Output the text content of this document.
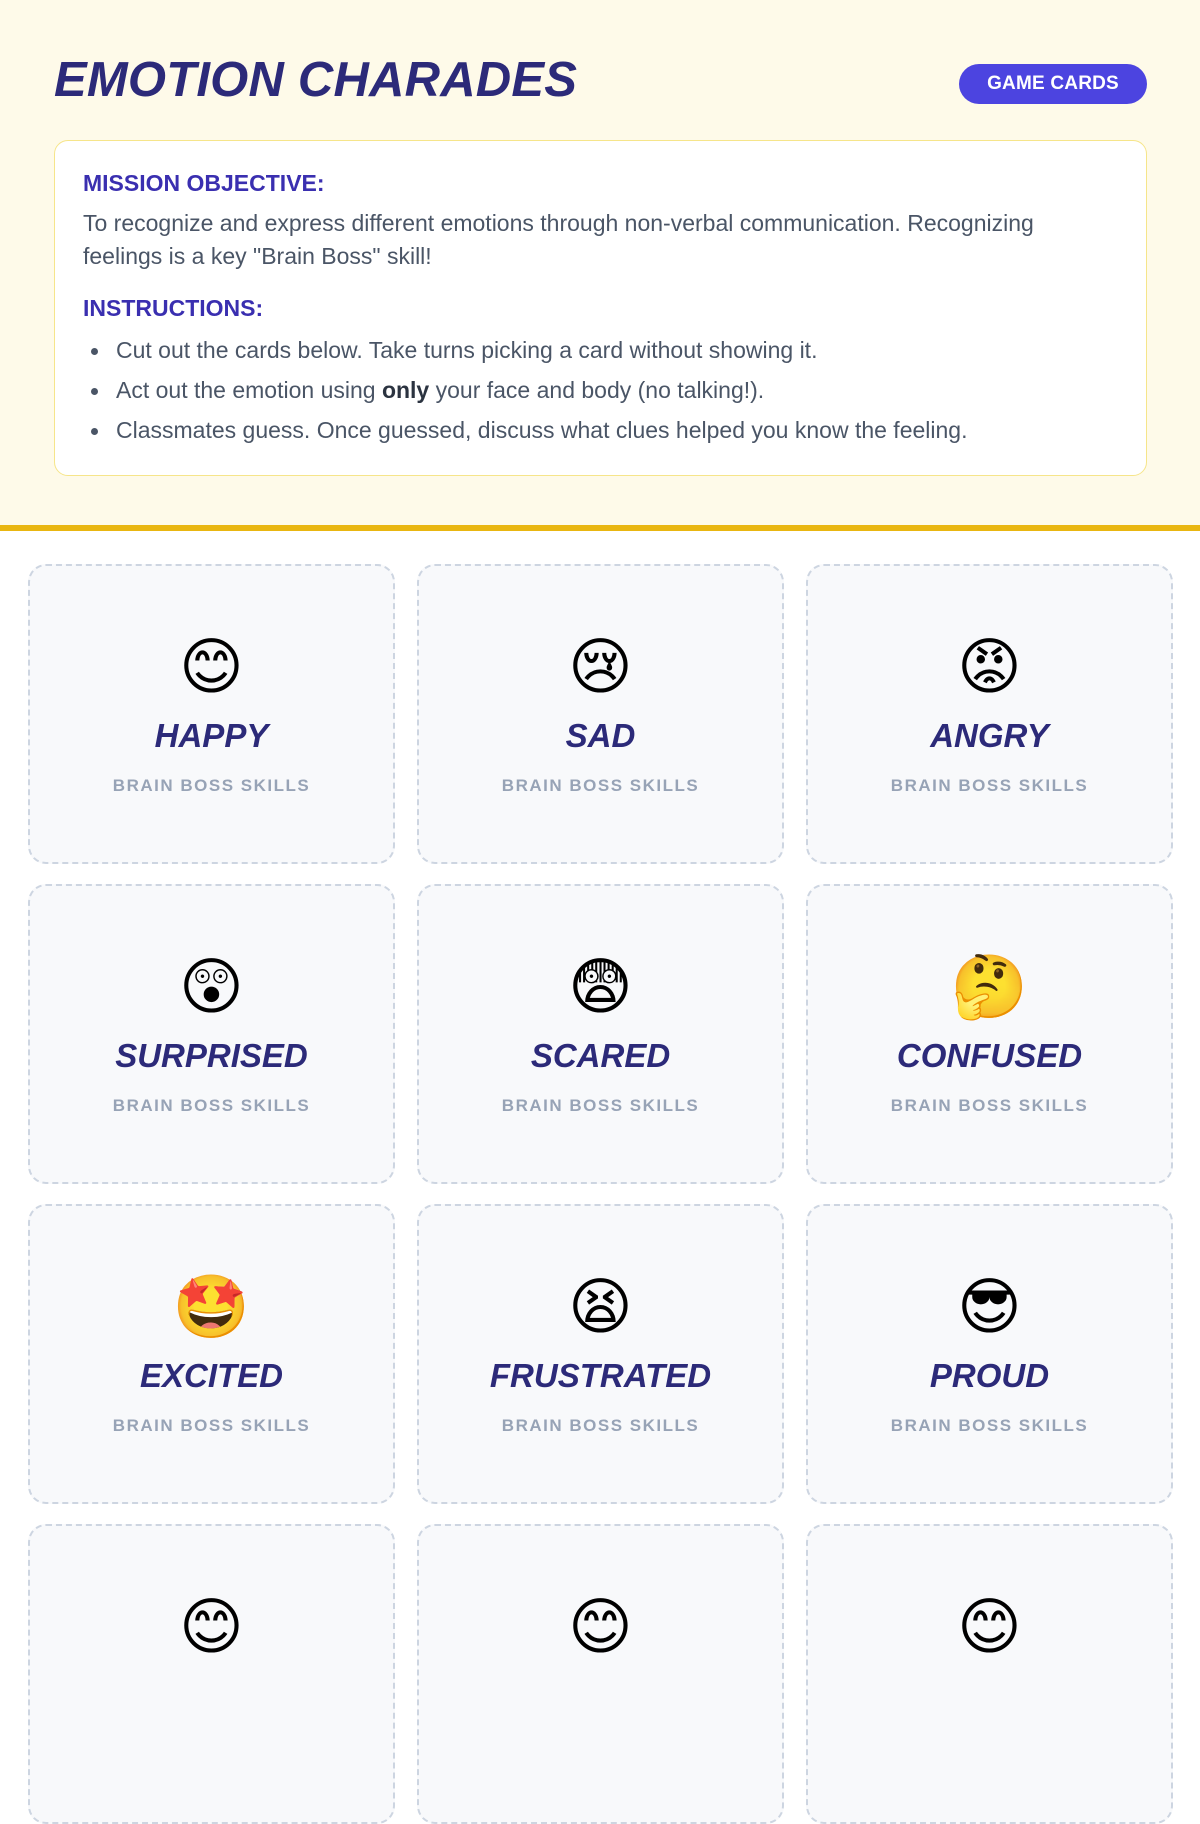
EMOTION CHARADES	GAME CARDS
MISSION OBJECTIVE:

To recognize and express different emotions through non-verbal communication. Recognizing feelings is a key "Brain Boss" skill!

INSTRUCTIONS:
Cut out the cards below. Take turns picking a card without showing it.
Act out the emotion using only your face and body (no talking!).
Classmates guess. Once guessed, discuss what clues helped you know the feeling.
😊
HAPPY
BRAIN BOSS SKILLS
😢
SAD
BRAIN BOSS SKILLS
😡
ANGRY
BRAIN BOSS SKILLS
😲
SURPRISED
BRAIN BOSS SKILLS
😨
SCARED
BRAIN BOSS SKILLS
🤔
CONFUSED
BRAIN BOSS SKILLS
🤩
EXCITED
BRAIN BOSS SKILLS
😫
FRUSTRATED
BRAIN BOSS SKILLS
😎
PROUD
BRAIN BOSS SKILLS
😊	😊	😊
